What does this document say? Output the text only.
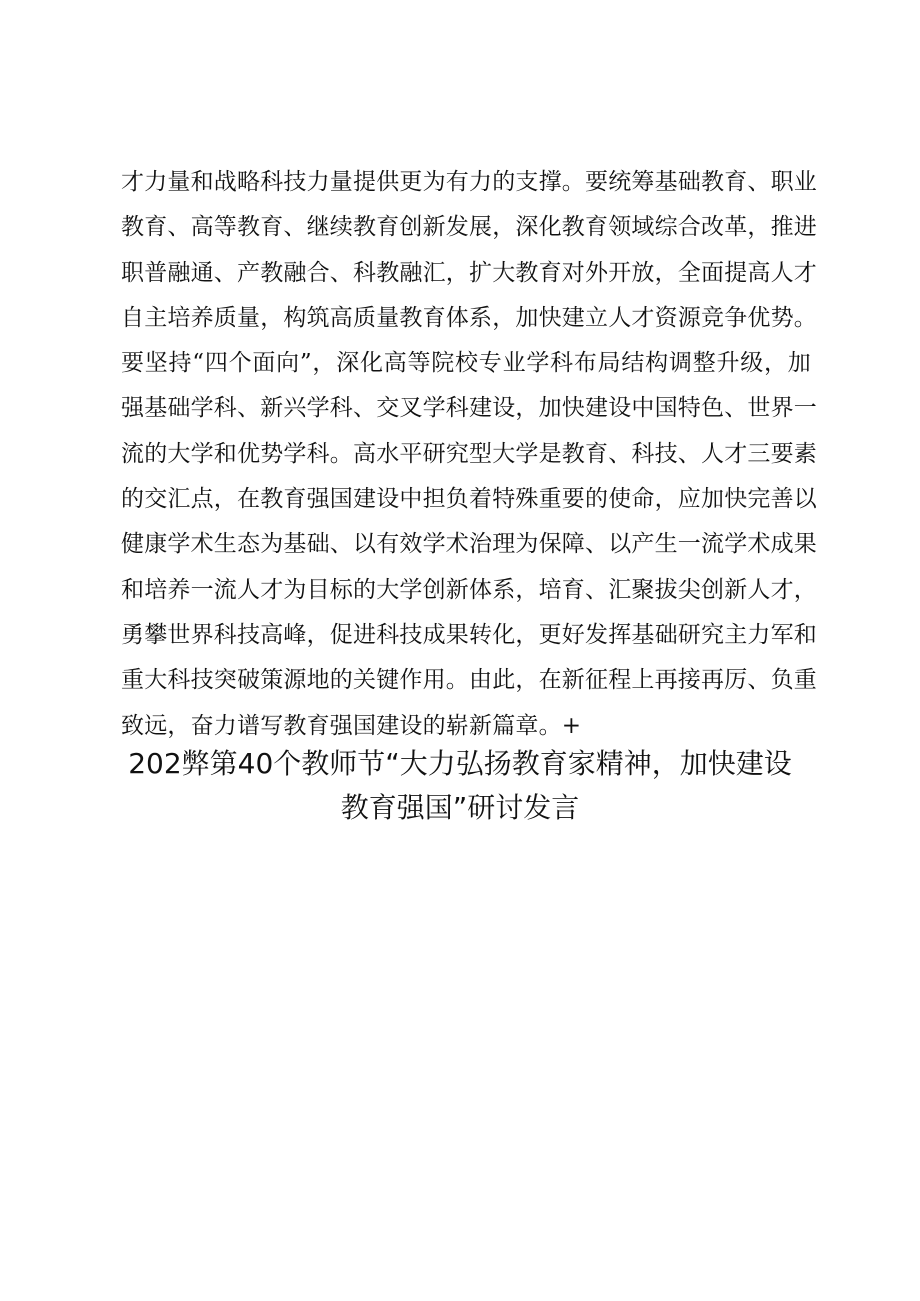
才力量和战略科技力量提供更为有力的支撑。要统筹基础教育、职业
教育、高等教育、继续教育创新发展，深化教育领域综合改革，推进
职普融通、产教融合、科教融汇，扩大教育对外开放，全面提高人才
自主培养质量，构筑高质量教育体系，加快建立人才资源竞争优势。
要坚持“四个面向”，深化高等院校专业学科布局结构调整升级，加
强基础学科、新兴学科、交叉学科建设，加快建设中国特色、世界一
流的大学和优势学科。高水平研究型大学是教育、科技、人才三要素
的交汇点，在教育强国建设中担负着特殊重要的使命，应加快完善以
健康学术生态为基础、以有效学术治理为保障、以产生一流学术成果
和培养一流人才为目标的大学创新体系，培育、汇聚拔尖创新人才，
勇攀世界科技高峰，促进科技成果转化，更好发挥基础研究主力军和
重大科技突破策源地的关键作用。由此，在新征程上再接再厉、负重
致远，奋力谱写教育强国建设的崭新篇章。+
202弊第40个教师节“大力弘扬教育家精神，加快建设
教育强国”研讨发言
